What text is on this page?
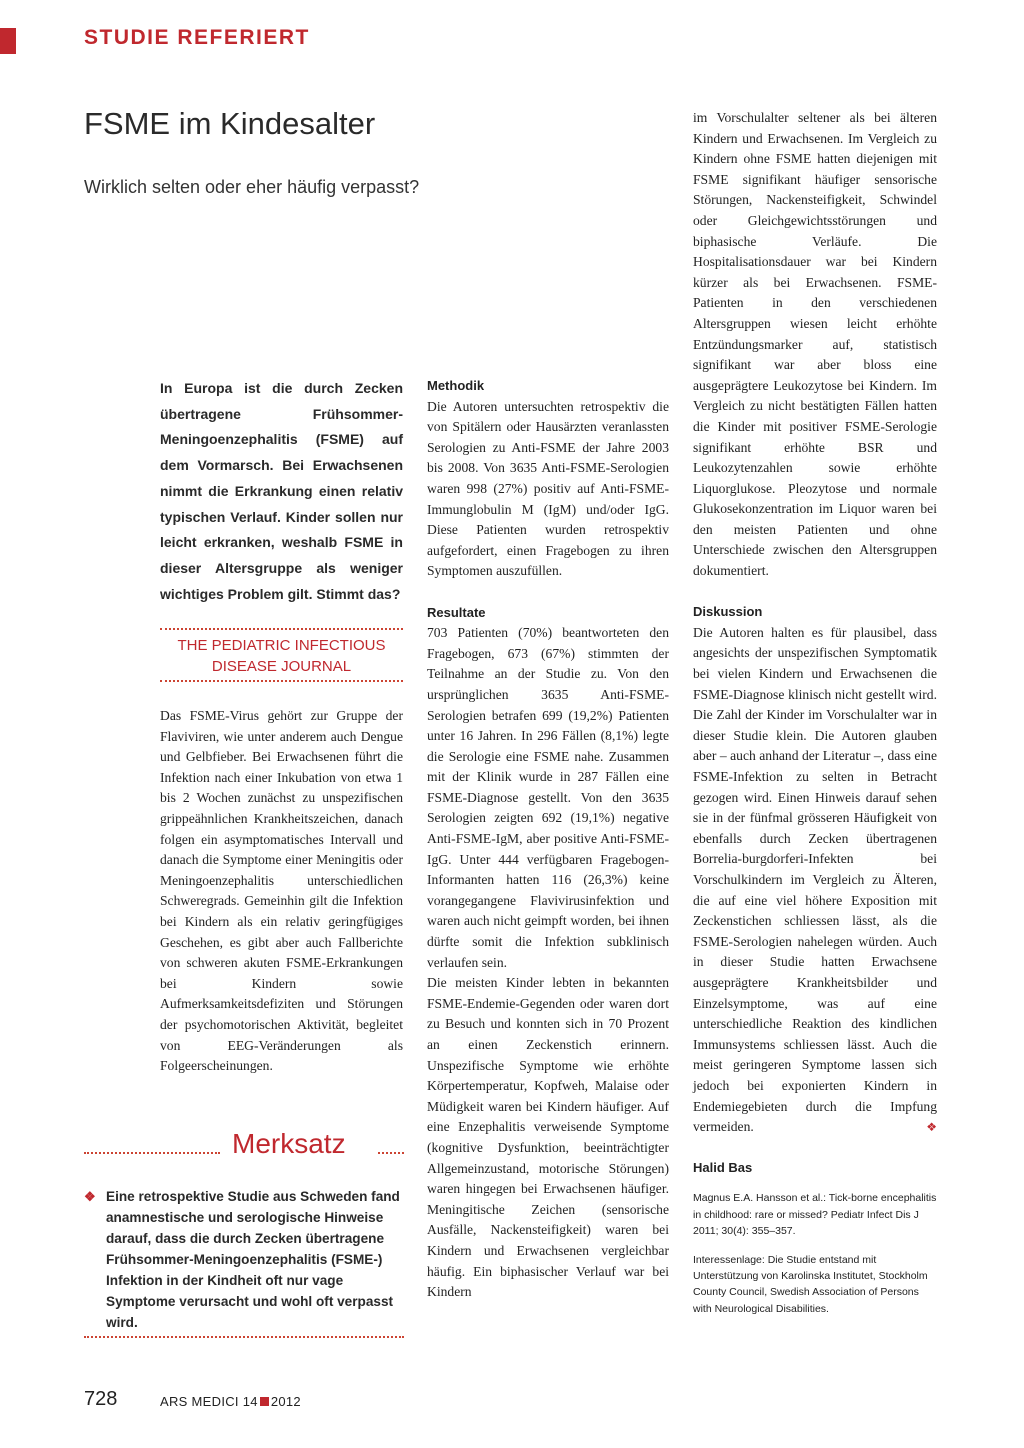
STUDIE REFERIERT
FSME im Kindesalter
Wirklich selten oder eher häufig verpasst?
In Europa ist die durch Zecken übertragene Frühsommer-Meningoenzephalitis (FSME) auf dem Vormarsch. Bei Erwachsenen nimmt die Erkrankung einen relativ typischen Verlauf. Kinder sollen nur leicht erkranken, weshalb FSME in dieser Altersgruppe als weniger wichtiges Problem gilt. Stimmt das?
THE PEDIATRIC INFECTIOUS DISEASE JOURNAL

Das FSME-Virus gehört zur Gruppe der Flaviviren, wie unter anderem auch Dengue und Gelbfieber. Bei Erwachsenen führt die Infektion nach einer Inkubation von etwa 1 bis 2 Wochen zunächst zu unspezifischen grippeähnlichen Krankheitszeichen, danach folgen ein asymptomatisches Intervall und danach die Symptome einer Meningitis oder Meningoenzephalitis unterschiedlichen Schweregrads. Gemeinhin gilt die Infektion bei Kindern als ein relativ geringfügiges Geschehen, es gibt aber auch Fallberichte von schweren akuten FSME-Erkrankungen bei Kindern sowie Aufmerksamkeitsdefiziten und Störungen der psychomotorischen Aktivität, begleitet von EEG-Veränderungen als Folgeerscheinungen.

Merksatz
❖ Eine retrospektive Studie aus Schweden fand anamnestische und serologische Hinweise darauf, dass die durch Zecken übertragene Frühsommer-Meningoenzephalitis (FSME-) Infektion in der Kindheit oft nur vage Symptome verursacht und wohl oft verpasst wird.
Methodik

Die Autoren untersuchten retrospektiv die von Spitälern oder Hausärzten veranlassten Serologien zu Anti-FSME der Jahre 2003 bis 2008. Von 3635 Anti-FSME-Serologien waren 998 (27%) positiv auf Anti-FSME-Immunglobulin M (IgM) und/oder IgG. Diese Patienten wurden retrospektiv aufgefordert, einen Fragebogen zu ihren Symptomen auszufüllen.

Resultate

703 Patienten (70%) beantworteten den Fragebogen, 673 (67%) stimmten der Teilnahme an der Studie zu. Von den ursprünglichen 3635 Anti-FSME-Serologien betrafen 699 (19,2%) Patienten unter 16 Jahren. In 296 Fällen (8,1%) legte die Serologie eine FSME nahe. Zusammen mit der Klinik wurde in 287 Fällen eine FSME-Diagnose gestellt. Von den 3635 Serologien zeigten 692 (19,1%) negative Anti-FSME-IgM, aber positive Anti-FSME-IgG. Unter 444 verfügbaren Fragebogen-Informanten hatten 116 (26,3%) keine vorangegangene Flavivirusinfektion und waren auch nicht geimpft worden, bei ihnen dürfte somit die Infektion subklinisch verlaufen sein.

Die meisten Kinder lebten in bekannten FSME-Endemie-Gegenden oder waren dort zu Besuch und konnten sich in 70 Prozent an einen Zeckenstich erinnern. Unspezifische Symptome wie erhöhte Körpertemperatur, Kopfweh, Malaise oder Müdigkeit waren bei Kindern häufiger. Auf eine Enzephalitis verweisende Symptome (kognitive Dysfunktion, beeinträchtigter Allgemeinzustand, motorische Störungen) waren hingegen bei Erwachsenen häufiger. Meningitische Zeichen (sensorische Ausfälle, Nackensteifigkeit) waren bei Kindern und Erwachsenen vergleichbar häufig. Ein biphasischer Verlauf war bei Kindern

im Vorschulalter seltener als bei älteren Kindern und Erwachsenen. Im Vergleich zu Kindern ohne FSME hatten diejenigen mit FSME signifikant häufiger sensorische Störungen, Nackensteifigkeit, Schwindel oder Gleichgewichtsstörungen und biphasische Verläufe. Die Hospitalisationsdauer war bei Kindern kürzer als bei Erwachsenen. FSME-Patienten in den verschiedenen Altersgruppen wiesen leicht erhöhte Entzündungsmarker auf, statistisch signifikant war aber bloss eine ausgeprägtere Leukozytose bei Kindern. Im Vergleich zu nicht bestätigten Fällen hatten die Kinder mit positiver FSME-Serologie signifikant erhöhte BSR und Leukozytenzahlen sowie erhöhte Liquorglukose. Pleozytose und normale Glukosekonzentration im Liquor waren bei den meisten Patienten und ohne Unterschiede zwischen den Altersgruppen dokumentiert.

Diskussion

Die Autoren halten es für plausibel, dass angesichts der unspezifischen Symptomatik bei vielen Kindern und Erwachsenen die FSME-Diagnose klinisch nicht gestellt wird. Die Zahl der Kinder im Vorschulalter war in dieser Studie klein. Die Autoren glauben aber – auch anhand der Literatur –, dass eine FSME-Infektion zu selten in Betracht gezogen wird. Einen Hinweis darauf sehen sie in der fünfmal grösseren Häufigkeit von ebenfalls durch Zecken übertragenen Borrelia-burgdorferi-Infekten bei Vorschulkindern im Vergleich zu Älteren, die auf eine viel höhere Exposition mit Zeckenstichen schliessen lässt, als die FSME-Serologien nahelegen würden. Auch in dieser Studie hatten Erwachsene ausgeprägtere Krankheitsbilder und Einzelsymptome, was auf eine unterschiedliche Reaktion des kindlichen Immunsystems schliessen lässt. Auch die meist geringeren Symptome lassen sich jedoch bei exponierten Kindern in Endemiegebieten durch die Impfung vermeiden.	❖

Halid Bas
Magnus E.A. Hansson et al.: Tick-borne encephalitis in childhood: rare or missed? Pediatr Infect Dis J 2011; 30(4): 355–357.
Interessenlage: Die Studie entstand mit Unterstützung von Karolinska Institutet, Stockholm County Council, Swedish Association of Persons with Neurological Disabilities.
728	ARS MEDICI 14 2012
